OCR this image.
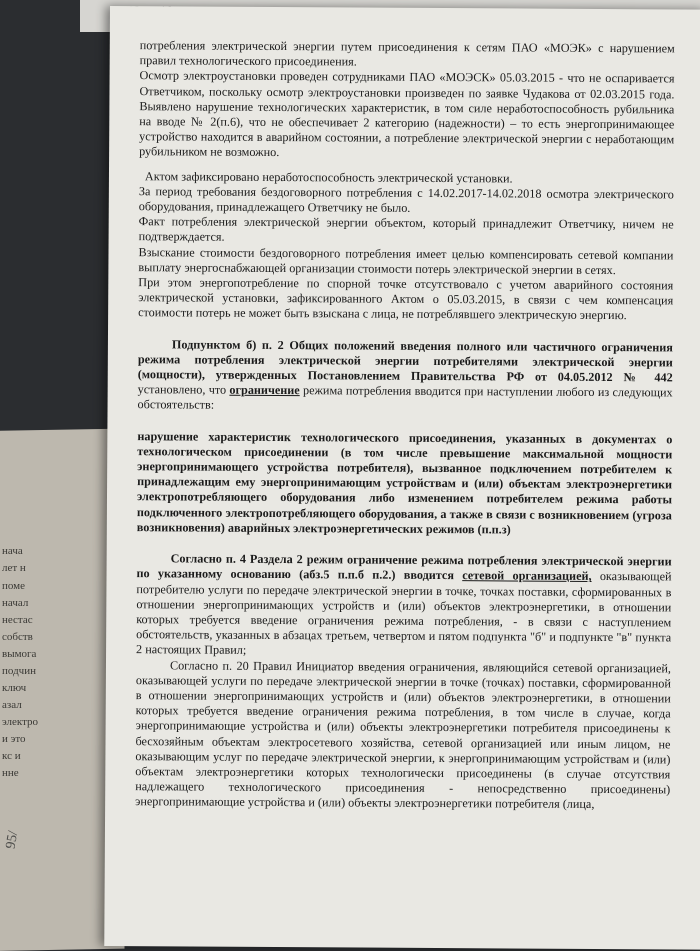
нача
лет н
поме
начал
нестас
собств
вымога
подчин
ключ
азал
электро
и это
кс и
нне
95/

потребления электрической энергии путем присоединения к сетям ПАО «МОЭК» с нарушением правил технологического присоединения.

Осмотр электроустановки проведен сотрудниками ПАО «МОЭСК» 05.03.2015 - что не оспаривается Ответчиком, поскольку осмотр электроустановки произведен по заявке Чудакова от 02.03.2015 года. Выявлено нарушение технологических характеристик, в том силе неработоспособность рубильника на вводе № 2(п.6), что не обеспечивает 2 категорию (надежности) – то есть энергопринимающее устройство находится в аварийном состоянии, а потребление электрической энергии с неработающим рубильником не возможно.

Актом зафиксировано неработоспособность электрической установки.

За период требования бездоговорного потребления с 14.02.2017-14.02.2018 осмотра электрического оборудования, принадлежащего Ответчику не было.

Факт потребления электрической энергии объектом, который принадлежит Ответчику, ничем не подтверждается.

Взыскание стоимости бездоговорного потребления имеет целью компенсировать сетевой компании выплату энергоснабжающей организации стоимости потерь электрической энергии в сетях.

При этом энергопотребление по спорной точке отсутствовало с учетом аварийного состояния электрической установки, зафиксированного Актом о 05.03.2015, в связи с чем компенсация стоимости потерь не может быть взыскана с лица, не потреблявшего электрическую энергию.

Подпунктом б) п. 2 Общих положений введения полного или частичного ограничения режима потребления электрической энергии потребителями электрической энергии (мощности), утвержденных Постановлением Правительства РФ от 04.05.2012 № 442 установлено, что ограничение режима потребления вводится при наступлении любого из следующих обстоятельств:

нарушение характеристик технологического присоединения, указанных в документах о технологическом присоединении (в том числе превышение максимальной мощности энергопринимающего устройства потребителя), вызванное подключением потребителем к принадлежащим ему энергопринимающим устройствам и (или) объектам электроэнергетики электропотребляющего оборудования либо изменением потребителем режима работы подключенного электропотребляющего оборудования, а также в связи с возникновением (угроза возникновения) аварийных электроэнергетических режимов (п.п.з)

Согласно п. 4 Раздела 2 режим ограничение режима потребления электрической энергии по указанному основанию (абз.5 п.п.б п.2.) вводится сетевой организацией, оказывающей потребителю услуги по передаче электрической энергии в точке, точках поставки, сформированных в отношении энергопринимающих устройств и (или) объектов электроэнергетики, в отношении которых требуется введение ограничения режима потребления, - в связи с наступлением обстоятельств, указанных в абзацах третьем, четвертом и пятом подпункта "б" и подпункте "в" пункта 2 настоящих Правил;

Согласно п. 20 Правил Инициатор введения ограничения, являющийся сетевой организацией, оказывающей услуги по передаче электрической энергии в точке (точках) поставки, сформированной в отношении энергопринимающих устройств и (или) объектов электроэнергетики, в отношении которых требуется введение ограничения режима потребления, в том числе в случае, когда энергопринимающие устройства и (или) объекты электроэнергетики потребителя присоединены к бесхозяйным объектам электросетевого хозяйства, сетевой организацией или иным лицом, не оказывающим услуг по передаче электрической энергии, к энергопринимающим устройствам и (или) объектам электроэнергетики которых технологически присоединены (в случае отсутствия надлежащего технологического присоединения - непосредственно присоединены) энергопринимающие устройства и (или) объекты электроэнергетики потребителя (лица,
